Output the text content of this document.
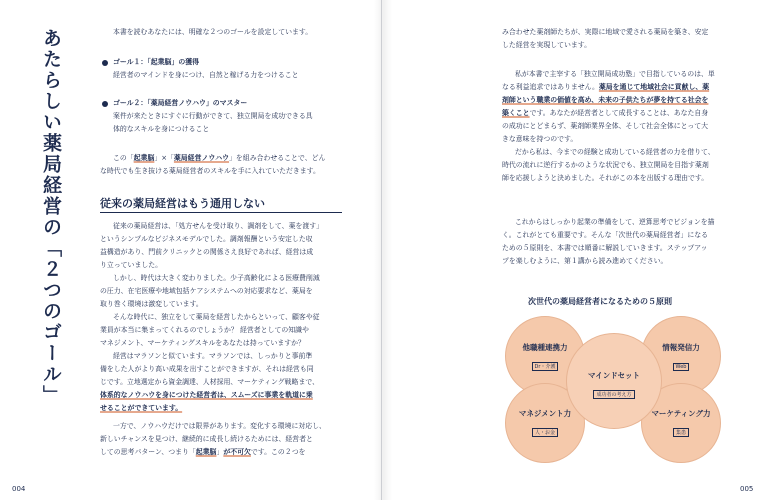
あたらしい薬局経営の「２つのゴール」	本書を読むあなたには、明確な２つのゴールを設定しています。
ゴール１：「起業脳」の獲得
経営者のマインドを身につけ、自然と稼げる力をつけること
ゴール２：「薬局経営ノウハウ」のマスター
案件が来たときにすぐに行動ができて、独立開局を成功できる具
体的なスキルを身につけること
この「起業脳」×「薬局経営ノウハウ」を組み合わせることで、どん
な時代でも生き抜ける薬局経営者のスキルを手に入れていただきます。
従来の薬局経営はもう通用しない
従来の薬局経営は、「処方せんを受け取り、調剤をして、薬を渡す」
というシンプルなビジネスモデルでした。調剤報酬という安定した収
益構造があり、門前クリニックとの関係さえ良好であれば、経営は成
り立っていました。
しかし、時代は大きく変わりました。少子高齢化による医療費削減
の圧力、在宅医療や地域包括ケアシステムへの対応要求など、薬局を
取り巻く環境は激変しています。
そんな時代に、独立をして薬局を経営したからといって、顧客や従
業員が本当に集まってくれるのでしょうか？ 経営者としての知識や
マネジメント、マーケティングスキルをあなたは持っていますか？
経営はマラソンと似ています。マラソンでは、しっかりと事前準
備をした人がより高い成果を出すことができますが、それは経営も同
じです。立地選定から資金調達、人材採用、マーケティング戦略まで、
体系的なノウハウを身につけた経営者は、スムーズに事業を軌道に乗
せることができています。
一方で、ノウハウだけでは限界があります。変化する環境に対応し、
新しいチャンスを見つけ、継続的に成長し続けるためには、経営者と
しての思考パターン、つまり「起業脳」が不可欠です。この２つを
004	005
み合わせた薬剤師たちが、実際に地域で愛される薬局を築き、安定
した経営を実現しています。
私が本書で主宰する「独立開局成功塾」で目指しているのは、単
なる利益追求ではありません。薬局を通じて地域社会に貢献し、薬
剤師という職業の価値を高め、未来の子供たちが夢を持てる社会を
築くことです。あなたが経営者として成長することは、あなた自身
の成功にとどまらず、薬剤師業界全体、そして社会全体にとって大
きな意味を持つのです。
だから私は、今までの経験と成功している経営者の力を借りて、
時代の流れに逆行するかのような状況でも、独立開局を目指す薬剤
師を応援しようと決めました。それがこの本を出版する理由です。
これからはしっかり起業の準備をして、逆算思考でビジョンを描
く。これがとても重要です。そんな「次世代の薬局経営者」になる
ための５原則を、本書では順番に解説していきます。ステップアッ
プを楽しむように、第１講から読み進めてください。
次世代の薬局経営者になるための５原則
他職種連携力
Dr・介護
情報発信力
Web
マインドセット
成功者の考え方
マネジメント力
人・お金
マーケティング力
集患
